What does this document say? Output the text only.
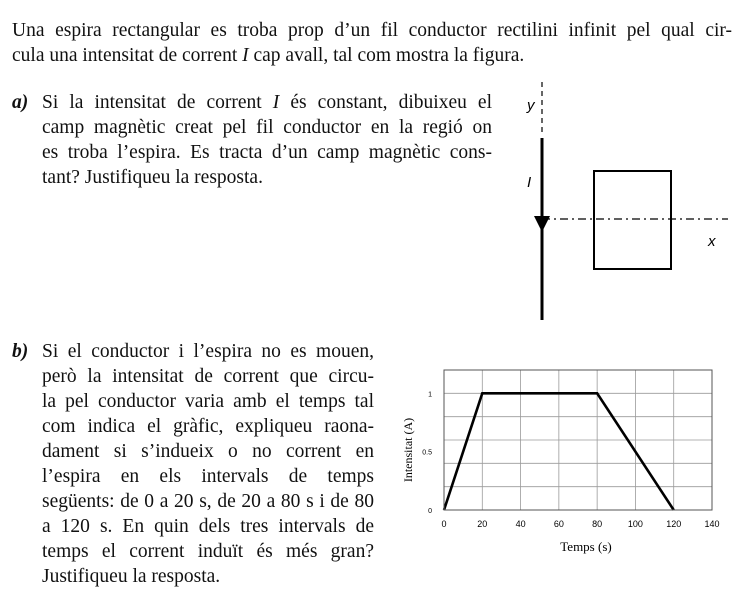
Una espira rectangular es troba prop d’un fil conductor rectilini infinit pel qual cir-
cula una intensitat de corrent I cap avall, tal com mostra la figura.
a) Si la intensitat de corrent I és constant, dibuixeu el
camp magnètic creat pel fil conductor en la regió on
es troba l’espira. Es tracta d’un camp magnètic cons-
tant? Justifiqueu la resposta.
b) Si el conductor i l’espira no es mouen,
però la intensitat de corrent que circu-
la pel conductor varia amb el temps tal
com indica el gràfic, expliqueu raona-
dament si s’indueix o no corrent en
l’espira en els intervals de temps
següents: de 0 a 20 s, de 20 a 80 s i de 80
a 120 s. En quin dels tres intervals de
temps el corrent induït és més gran?
Justifiqueu la resposta.
y
I
x
0	20	40	60	80	100	120	140
0
0.5
1
Temps (s)
Intensitat (A)
